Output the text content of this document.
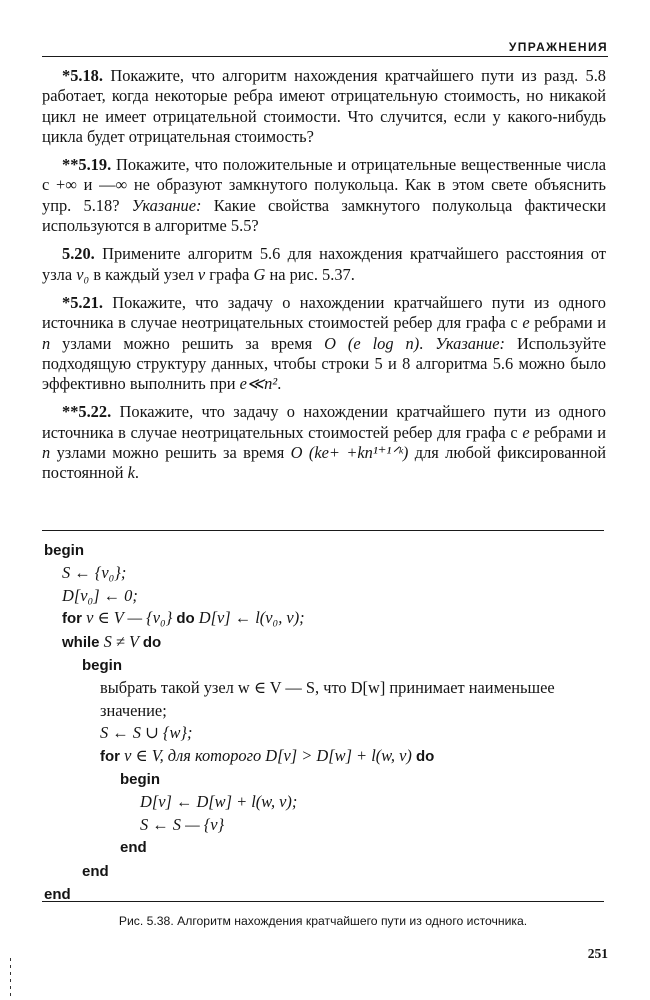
УПРАЖНЕНИЯ

*5.18. Покажите, что алгоритм нахождения кратчайшего пути из разд. 5.8 работает, когда некоторые ребра имеют отрицательную стоимость, но никакой цикл не имеет отрицательной стоимости. Что случится, если у какого-нибудь цикла будет отрицательная стоимость?

**5.19. Покажите, что положительные и отрицательные вещественные числа с +∞ и —∞ не образуют замкнутого полукольца. Как в этом свете объяснить упр. 5.18? Указание: Какие свойства замкнутого полукольца фактически используются в алгоритме 5.5?

5.20. Примените алгоритм 5.6 для нахождения кратчайшего расстояния от узла v₀ в каждый узел v графа G на рис. 5.37.

*5.21. Покажите, что задачу о нахождении кратчайшего пути из одного источника в случае неотрицательных стоимостей ребер для графа с e ребрами и n узлами можно решить за время O (e log n). Указание: Используйте подходящую структуру данных, чтобы строки 5 и 8 алгоритма 5.6 можно было эффективно выполнить при e≪n².

**5.22. Покажите, что задачу о нахождении кратчайшего пути из одного источника в случае неотрицательных стоимостей ребер для графа с e ребрами и n узлами можно решить за время O (ke+ +kn¹⁺¹ᐟᵏ) для любой фиксированной постоянной k.

begin
S ← {v₀};
D[v₀] ← 0;
for v ∈ V — {v₀} do D[v] ← l(v₀, v);
while S ≠ V do
begin
выбрать такой узел w ∈ V — S, что D[w] принимает наименьшее значение;
S ← S ∪ {w};
for v ∈ V, для которого D[v] > D[w] + l(w, v) do
begin
D[v] ← D[w] + l(w, v);
S ← S — {v}
end
end
end
Рис. 5.38. Алгоритм нахождения кратчайшего пути из одного источника.
251
